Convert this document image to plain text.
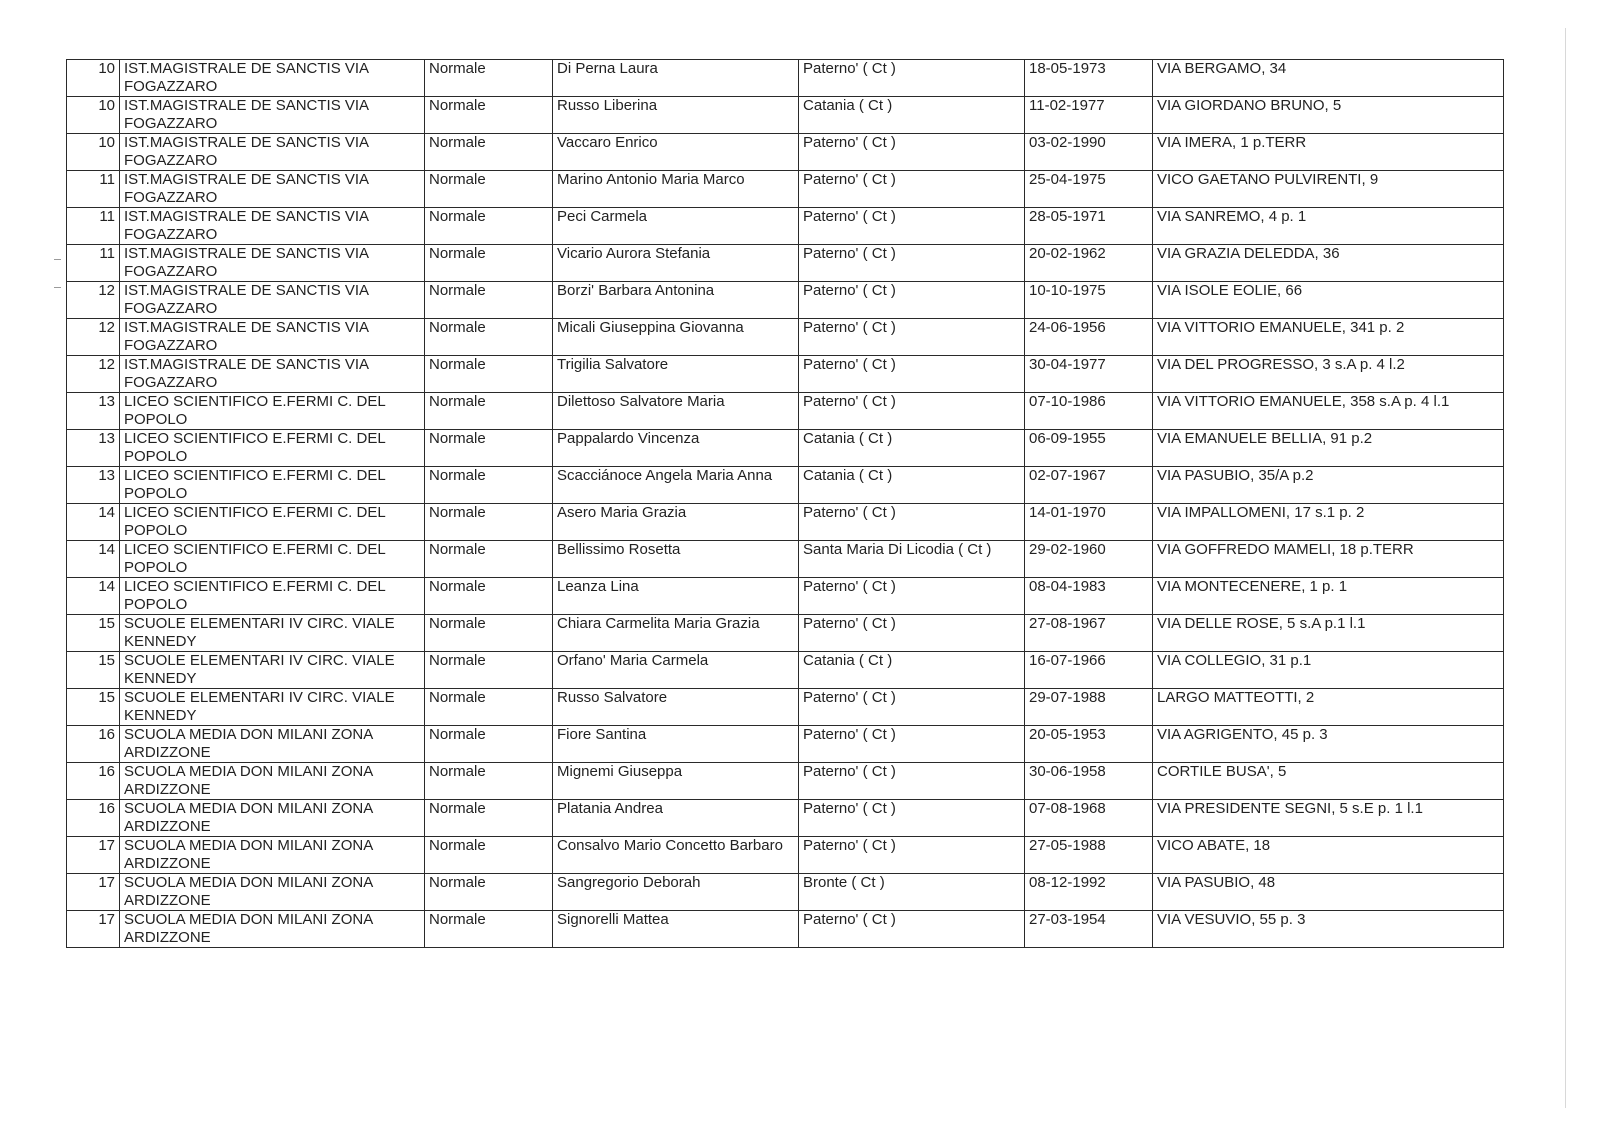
10	IST.MAGISTRALE DE SANCTIS VIA FOGAZZARO	Normale	Di Perna Laura	Paterno' ( Ct )	18-05-1973	VIA BERGAMO, 34
10	IST.MAGISTRALE DE SANCTIS VIA FOGAZZARO	Normale	Russo Liberina	Catania ( Ct )	11-02-1977	VIA GIORDANO BRUNO, 5
10	IST.MAGISTRALE DE SANCTIS VIA FOGAZZARO	Normale	Vaccaro Enrico	Paterno' ( Ct )	03-02-1990	VIA IMERA, 1 p.TERR
11	IST.MAGISTRALE DE SANCTIS VIA FOGAZZARO	Normale	Marino Antonio Maria Marco	Paterno' ( Ct )	25-04-1975	VICO GAETANO PULVIRENTI, 9
11	IST.MAGISTRALE DE SANCTIS VIA FOGAZZARO	Normale	Peci Carmela	Paterno' ( Ct )	28-05-1971	VIA SANREMO, 4 p. 1
11	IST.MAGISTRALE DE SANCTIS VIA FOGAZZARO	Normale	Vicario Aurora Stefania	Paterno' ( Ct )	20-02-1962	VIA GRAZIA DELEDDA, 36
12	IST.MAGISTRALE DE SANCTIS VIA FOGAZZARO	Normale	Borzi' Barbara Antonina	Paterno' ( Ct )	10-10-1975	VIA ISOLE EOLIE, 66
12	IST.MAGISTRALE DE SANCTIS VIA FOGAZZARO	Normale	Micali Giuseppina Giovanna	Paterno' ( Ct )	24-06-1956	VIA VITTORIO EMANUELE, 341 p. 2
12	IST.MAGISTRALE DE SANCTIS VIA FOGAZZARO	Normale	Trigilia Salvatore	Paterno' ( Ct )	30-04-1977	VIA DEL PROGRESSO, 3 s.A p. 4 l.2
13	LICEO SCIENTIFICO E.FERMI C. DEL POPOLO	Normale	Dilettoso Salvatore Maria	Paterno' ( Ct )	07-10-1986	VIA VITTORIO EMANUELE, 358 s.A p. 4 l.1
13	LICEO SCIENTIFICO E.FERMI C. DEL POPOLO	Normale	Pappalardo Vincenza	Catania ( Ct )	06-09-1955	VIA EMANUELE BELLIA, 91 p.2
13	LICEO SCIENTIFICO E.FERMI C. DEL POPOLO	Normale	Scacciánoce Angela Maria Anna	Catania ( Ct )	02-07-1967	VIA PASUBIO, 35/A p.2
14	LICEO SCIENTIFICO E.FERMI C. DEL POPOLO	Normale	Asero Maria Grazia	Paterno' ( Ct )	14-01-1970	VIA IMPALLOMENI, 17 s.1 p. 2
14	LICEO SCIENTIFICO E.FERMI C. DEL POPOLO	Normale	Bellissimo Rosetta	Santa Maria Di Licodia ( Ct )	29-02-1960	VIA GOFFREDO MAMELI, 18 p.TERR
14	LICEO SCIENTIFICO E.FERMI C. DEL POPOLO	Normale	Leanza Lina	Paterno' ( Ct )	08-04-1983	VIA MONTECENERE, 1 p. 1
15	SCUOLE ELEMENTARI IV CIRC. VIALE KENNEDY	Normale	Chiara Carmelita Maria Grazia	Paterno' ( Ct )	27-08-1967	VIA DELLE ROSE, 5 s.A p.1 l.1
15	SCUOLE ELEMENTARI IV CIRC. VIALE KENNEDY	Normale	Orfano' Maria Carmela	Catania ( Ct )	16-07-1966	VIA COLLEGIO, 31 p.1
15	SCUOLE ELEMENTARI IV CIRC. VIALE KENNEDY	Normale	Russo Salvatore	Paterno' ( Ct )	29-07-1988	LARGO MATTEOTTI, 2
16	SCUOLA MEDIA DON MILANI ZONA ARDIZZONE	Normale	Fiore Santina	Paterno' ( Ct )	20-05-1953	VIA AGRIGENTO, 45 p. 3
16	SCUOLA MEDIA DON MILANI ZONA ARDIZZONE	Normale	Mignemi Giuseppa	Paterno' ( Ct )	30-06-1958	CORTILE BUSA', 5
16	SCUOLA MEDIA DON MILANI ZONA ARDIZZONE	Normale	Platania Andrea	Paterno' ( Ct )	07-08-1968	VIA PRESIDENTE SEGNI, 5 s.E p. 1 l.1
17	SCUOLA MEDIA DON MILANI ZONA ARDIZZONE	Normale	Consalvo Mario Concetto Barbaro	Paterno' ( Ct )	27-05-1988	VICO ABATE, 18
17	SCUOLA MEDIA DON MILANI ZONA ARDIZZONE	Normale	Sangregorio Deborah	Bronte ( Ct )	08-12-1992	VIA PASUBIO, 48
17	SCUOLA MEDIA DON MILANI ZONA ARDIZZONE	Normale	Signorelli Mattea	Paterno' ( Ct )	27-03-1954	VIA VESUVIO, 55 p. 3
